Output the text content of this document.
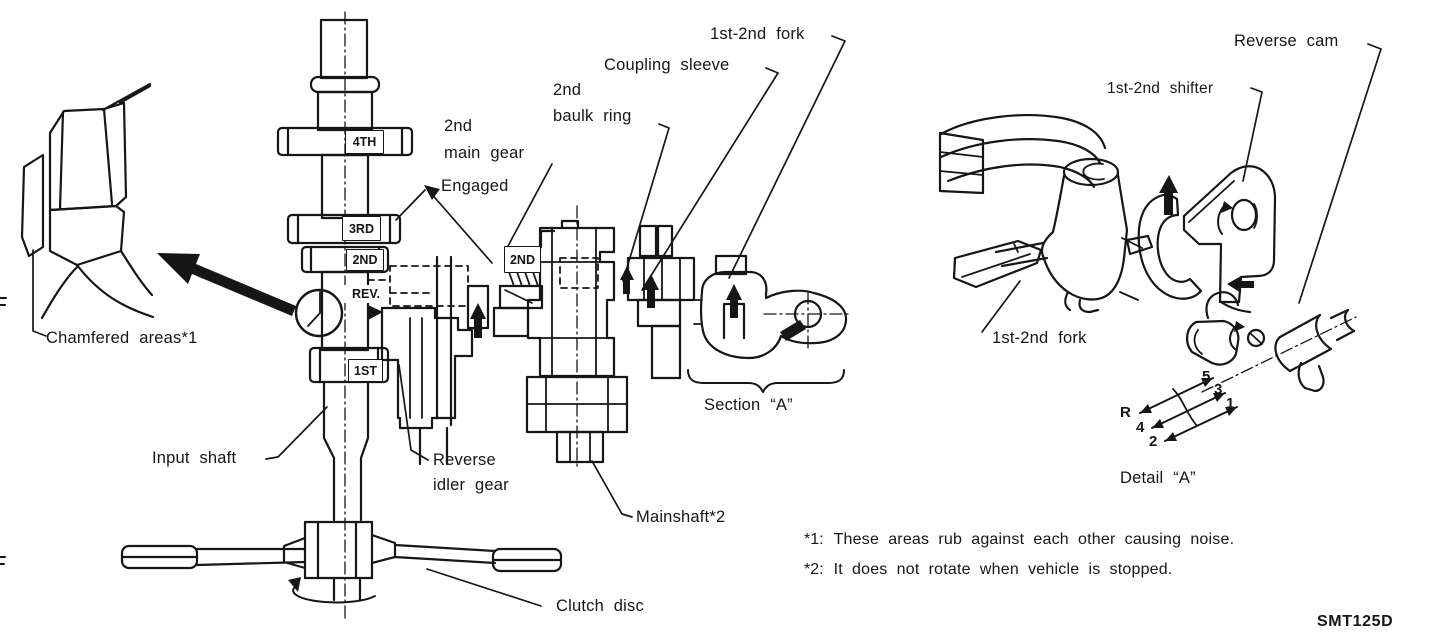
1st-2nd fork
Coupling sleeve
2nd
baulk ring
2nd
main gear
Engaged
Chamfered areas*1
Input shaft	Reverse
idler gear
Mainshaft*2
Clutch disc
Section “A”
Reverse cam
1st-2nd shifter
1st-2nd fork
Detail “A”
4TH
3RD
2ND
REV.
1ST
2ND
R
5
3
1
4
2
*1: These areas rub against each other causing noise.
*2: It does not rotate when vehicle is stopped.
SMT125D
